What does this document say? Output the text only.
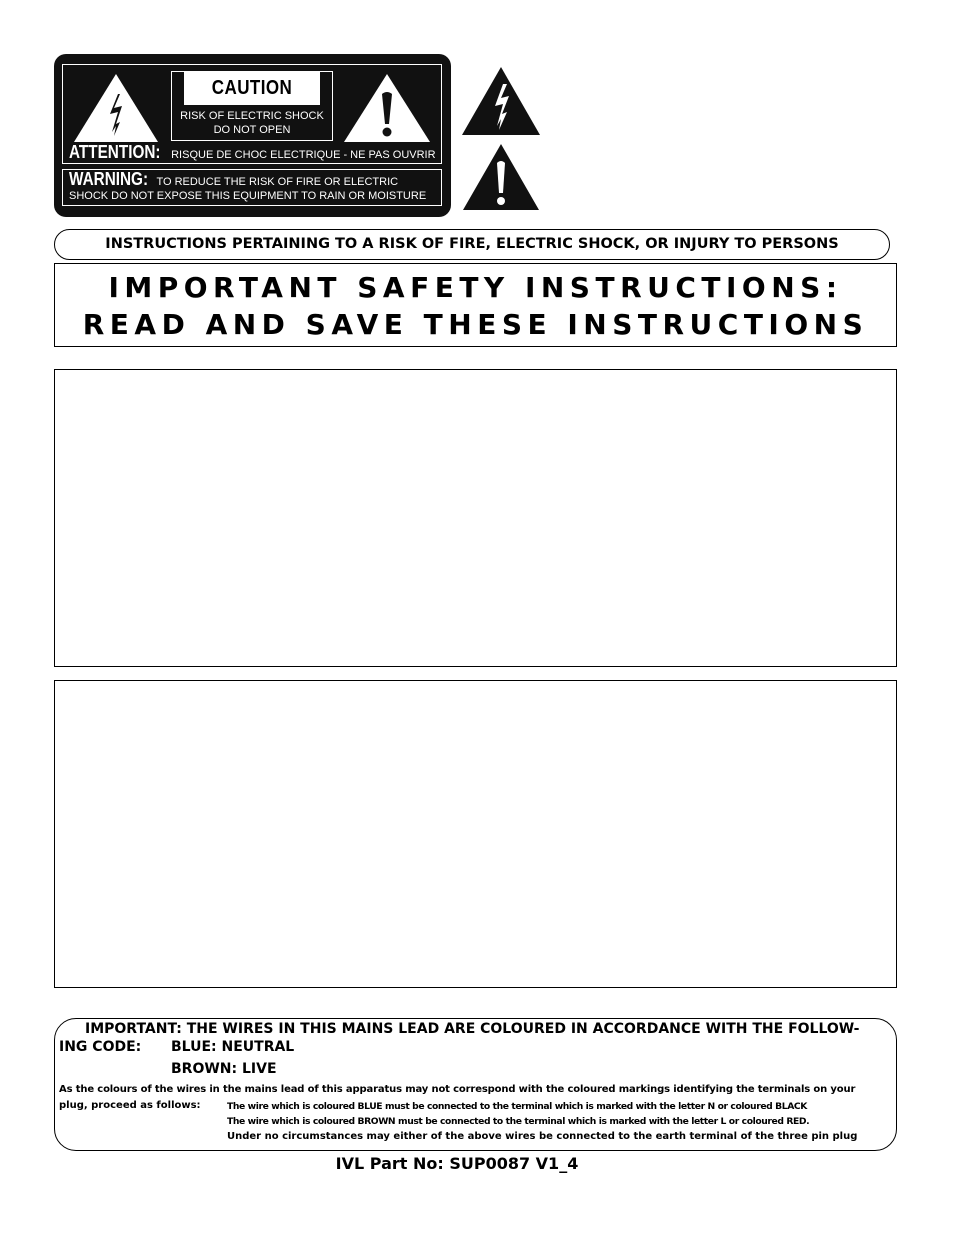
CAUTION
RISK OF ELECTRIC SHOCK
DO NOT OPEN
ATTENTION: RISQUE DE CHOC ELECTRIQUE - NE PAS OUVRIR
WARNING: TO REDUCE THE RISK OF FIRE OR ELECTRIC
SHOCK DO NOT EXPOSE THIS EQUIPMENT TO RAIN OR MOISTURE
INSTRUCTIONS PERTAINING TO A RISK OF FIRE, ELECTRIC SHOCK, OR INJURY TO PERSONS
IMPORTANT SAFETY INSTRUCTIONS:
READ AND SAVE THESE INSTRUCTIONS
IMPORTANT: THE WIRES IN THIS MAINS LEAD ARE COLOURED IN ACCORDANCE WITH THE FOLLOW-
ING CODE: BLUE: NEUTRAL
BROWN: LIVE
As the colours of the wires in the mains lead of this apparatus may not correspond with the coloured markings identifying the terminals on your
plug, proceed as follows:	The wire which is coloured BLUE must be connected to the terminal which is marked with the letter N or coloured BLACK
The wire which is coloured BROWN must be connected to the terminal which is marked with the letter L or coloured RED.
Under no circumstances may either of the above wires be connected to the earth terminal of the three pin plug
IVL Part No: SUP0087 V1_4
